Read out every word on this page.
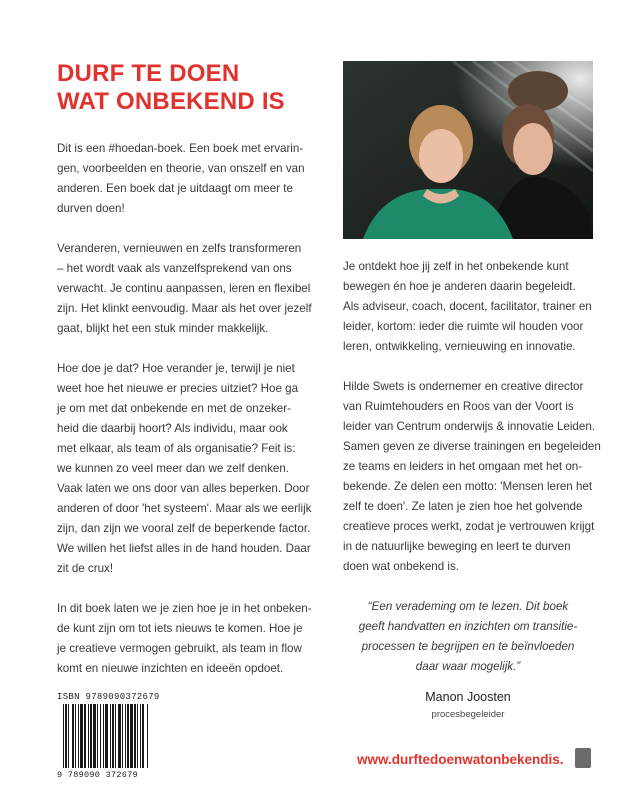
DURF TE DOEN
WAT ONBEKEND IS

Dit is een #hoedan-boek. Een boek met ervarin-
gen, voorbeelden en theorie, van onszelf en van
anderen. Een boek dat je uitdaagt om meer te
durven doen!

Veranderen, vernieuwen en zelfs transformeren
– het wordt vaak als vanzelfsprekend van ons
verwacht. Je continu aanpassen, leren en flexibel
zijn. Het klinkt eenvoudig. Maar als het over jezelf
gaat, blijkt het een stuk minder makkelijk.

Hoe doe je dat? Hoe verander je, terwijl je niet
weet hoe het nieuwe er precies uitziet? Hoe ga
je om met dat onbekende en met de onzeker-
heid die daarbij hoort? Als individu, maar ook
met elkaar, als team of als organisatie? Feit is:
we kunnen zo veel meer dan we zelf denken.
Vaak laten we ons door van alles beperken. Door
anderen of door 'het systeem'. Maar als we eerlijk
zijn, dan zijn we vooral zelf de beperkende factor.
We willen het liefst alles in de hand houden. Daar
zit de crux!

In dit boek laten we je zien hoe je in het onbeken-
de kunt zijn om tot iets nieuws te komen. Hoe je
je creatieve vermogen gebruikt, als team in flow
komt en nieuwe inzichten en ideeën opdoet.

Je ontdekt hoe jij zelf in het onbekende kunt
bewegen én hoe je anderen daarin begeleidt.
Als adviseur, coach, docent, facilitator, trainer en
leider, kortom: ieder die ruimte wil houden voor
leren, ontwikkeling, vernieuwing en innovatie.

Hilde Swets is ondernemer en creative director
van Ruimtehouders en Roos van der Voort is
leider van Centrum onderwijs & innovatie Leiden.
Samen geven ze diverse trainingen en begeleiden
ze teams en leiders in het omgaan met het on-
bekende. Ze delen een motto: 'Mensen leren het
zelf te doen'. Ze laten je zien hoe het golvende
creatieve proces werkt, zodat je vertrouwen krijgt
in de natuurlijke beweging en leert te durven
doen wat onbekend is.

“Een verademing om te lezen. Dit boek
geeft handvatten en inzichten om transitie-
processen te begrijpen en te beïnvloeden
daar waar mogelijk.”
Manon Joosten
procesbegeleider
ISBN 9789090372679
9 789090 372679
www.durftedoenwatonbekendis.
